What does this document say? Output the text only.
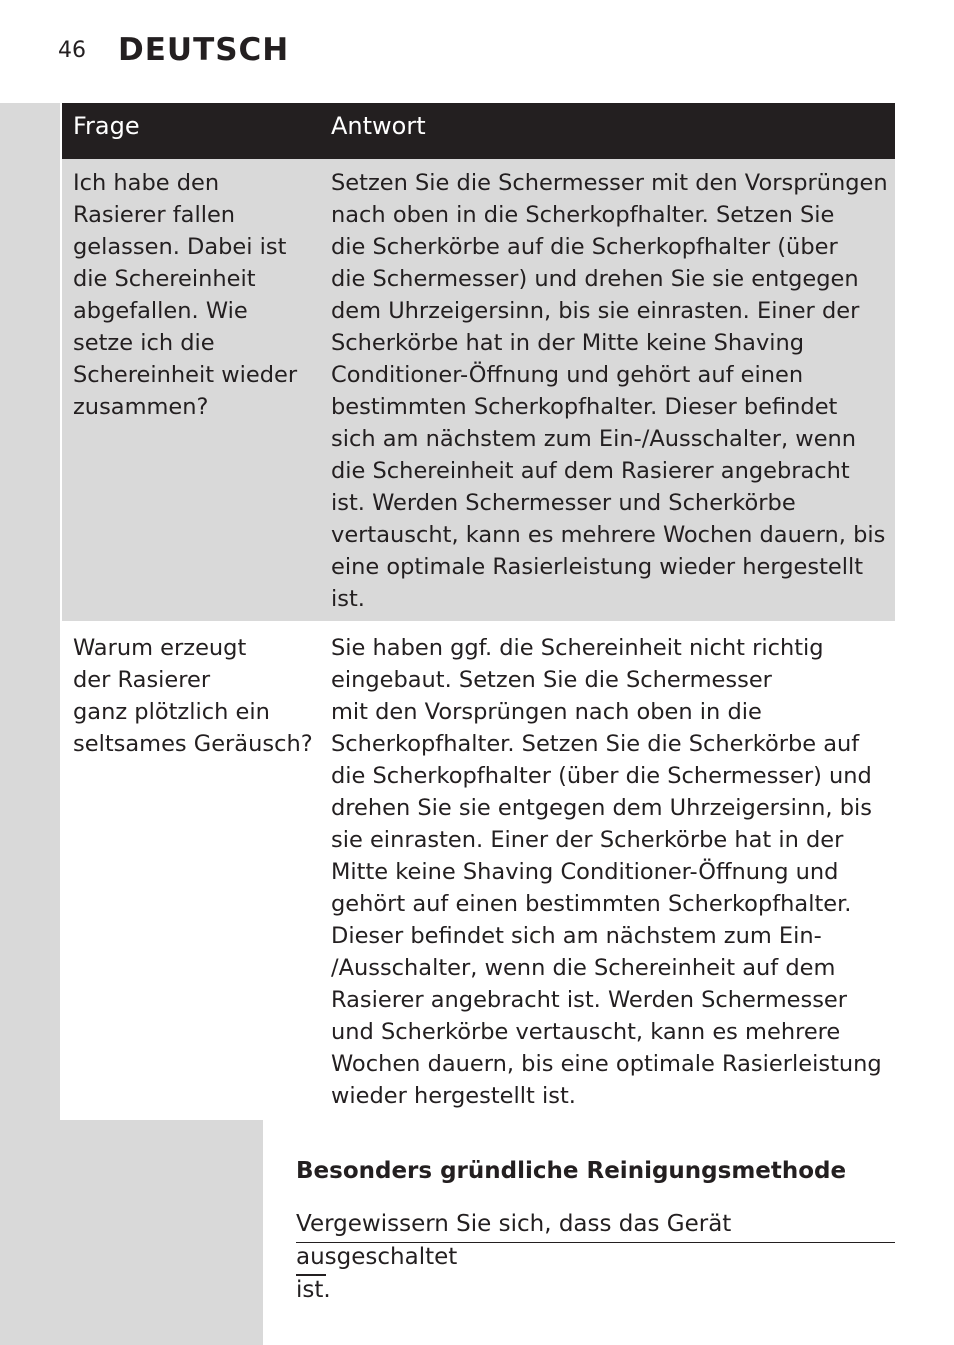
46 DEUTSCH
Frage	Antwort
Ich habe den
Rasierer fallen
gelassen. Dabei ist
die Schereinheit
abgefallen. Wie
setze ich die
Schereinheit wieder
zusammen?
Setzen Sie die Schermesser mit den Vorsprüngen
nach oben in die Scherkopfhalter. Setzen Sie
die Scherkörbe auf die Scherkopfhalter (über
die Schermesser) und drehen Sie sie entgegen
dem Uhrzeigersinn, bis sie einrasten. Einer der
Scherkörbe hat in der Mitte keine Shaving
Conditioner-Öffnung und gehört auf einen
bestimmten Scherkopfhalter. Dieser befindet
sich am nächstem zum Ein-/Ausschalter, wenn
die Schereinheit auf dem Rasierer angebracht
ist. Werden Schermesser und Scherkörbe
vertauscht, kann es mehrere Wochen dauern, bis
eine optimale Rasierleistung wieder hergestellt
ist.
Warum erzeugt
der Rasierer
ganz plötzlich ein
seltsames Geräusch?
Sie haben ggf. die Schereinheit nicht richtig
eingebaut. Setzen Sie die Schermesser
mit den Vorsprüngen nach oben in die
Scherkopfhalter. Setzen Sie die Scherkörbe auf
die Scherkopfhalter (über die Schermesser) und
drehen Sie sie entgegen dem Uhrzeigersinn, bis
sie einrasten. Einer der Scherkörbe hat in der
Mitte keine Shaving Conditioner-Öffnung und
gehört auf einen bestimmten Scherkopfhalter.
Dieser befindet sich am nächstem zum Ein-
/Ausschalter, wenn die Schereinheit auf dem
Rasierer angebracht ist. Werden Schermesser
und Scherkörbe vertauscht, kann es mehrere
Wochen dauern, bis eine optimale Rasierleistung
wieder hergestellt ist.
Besonders gründliche Reinigungsmethode
Vergewissern Sie sich, dass das Gerät ausgeschaltet
ist.
